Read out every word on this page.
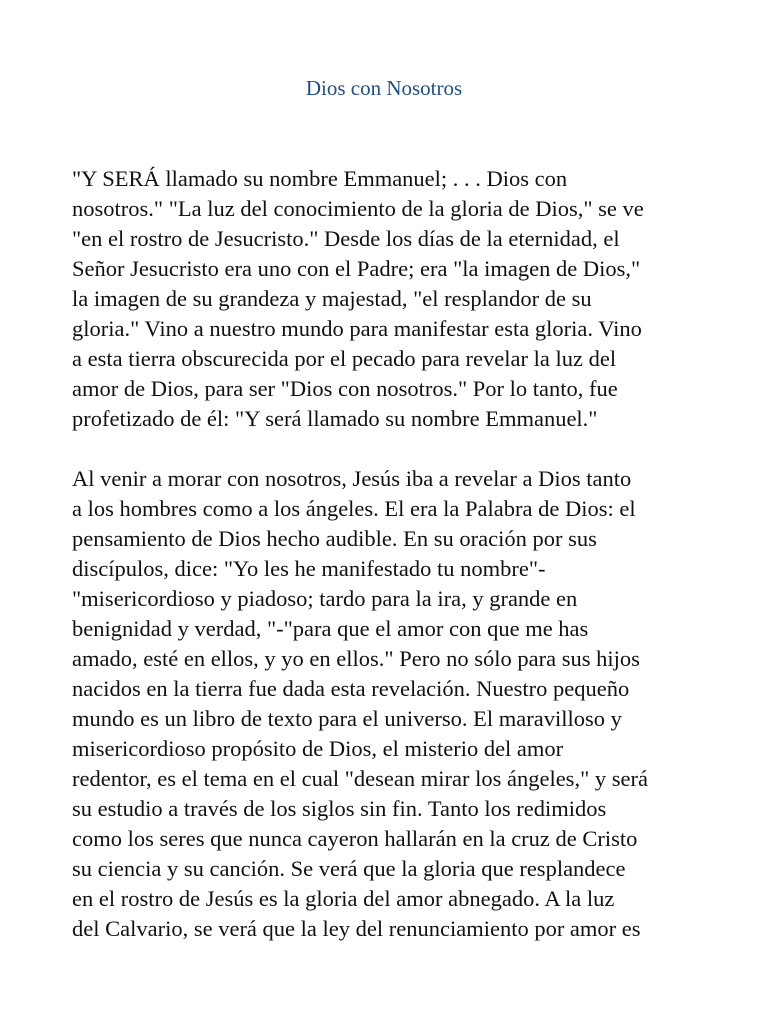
Dios con Nosotros

"Y SERÁ llamado su nombre Emmanuel; . . . Dios con
nosotros." "La luz del conocimiento de la gloria de Dios," se ve
"en el rostro de Jesucristo." Desde los días de la eternidad, el
Señor Jesucristo era uno con el Padre; era "la imagen de Dios,"
la imagen de su grandeza y majestad, "el resplandor de su
gloria." Vino a nuestro mundo para manifestar esta gloria. Vino
a esta tierra obscurecida por el pecado para revelar la luz del
amor de Dios, para ser "Dios con nosotros." Por lo tanto, fue
profetizado de él: "Y será llamado su nombre Emmanuel."

Al venir a morar con nosotros, Jesús iba a revelar a Dios tanto
a los hombres como a los ángeles. El era la Palabra de Dios: el
pensamiento de Dios hecho audible. En su oración por sus
discípulos, dice: "Yo les he manifestado tu nombre"-
"misericordioso y piadoso; tardo para la ira, y grande en
benignidad y verdad, "-"para que el amor con que me has
amado, esté en ellos, y yo en ellos." Pero no sólo para sus hijos
nacidos en la tierra fue dada esta revelación. Nuestro pequeño
mundo es un libro de texto para el universo. El maravilloso y
misericordioso propósito de Dios, el misterio del amor
redentor, es el tema en el cual "desean mirar los ángeles," y será
su estudio a través de los siglos sin fin. Tanto los redimidos
como los seres que nunca cayeron hallarán en la cruz de Cristo
su ciencia y su canción. Se verá que la gloria que resplandece
en el rostro de Jesús es la gloria del amor abnegado. A la luz
del Calvario, se verá que la ley del renunciamiento por amor es
